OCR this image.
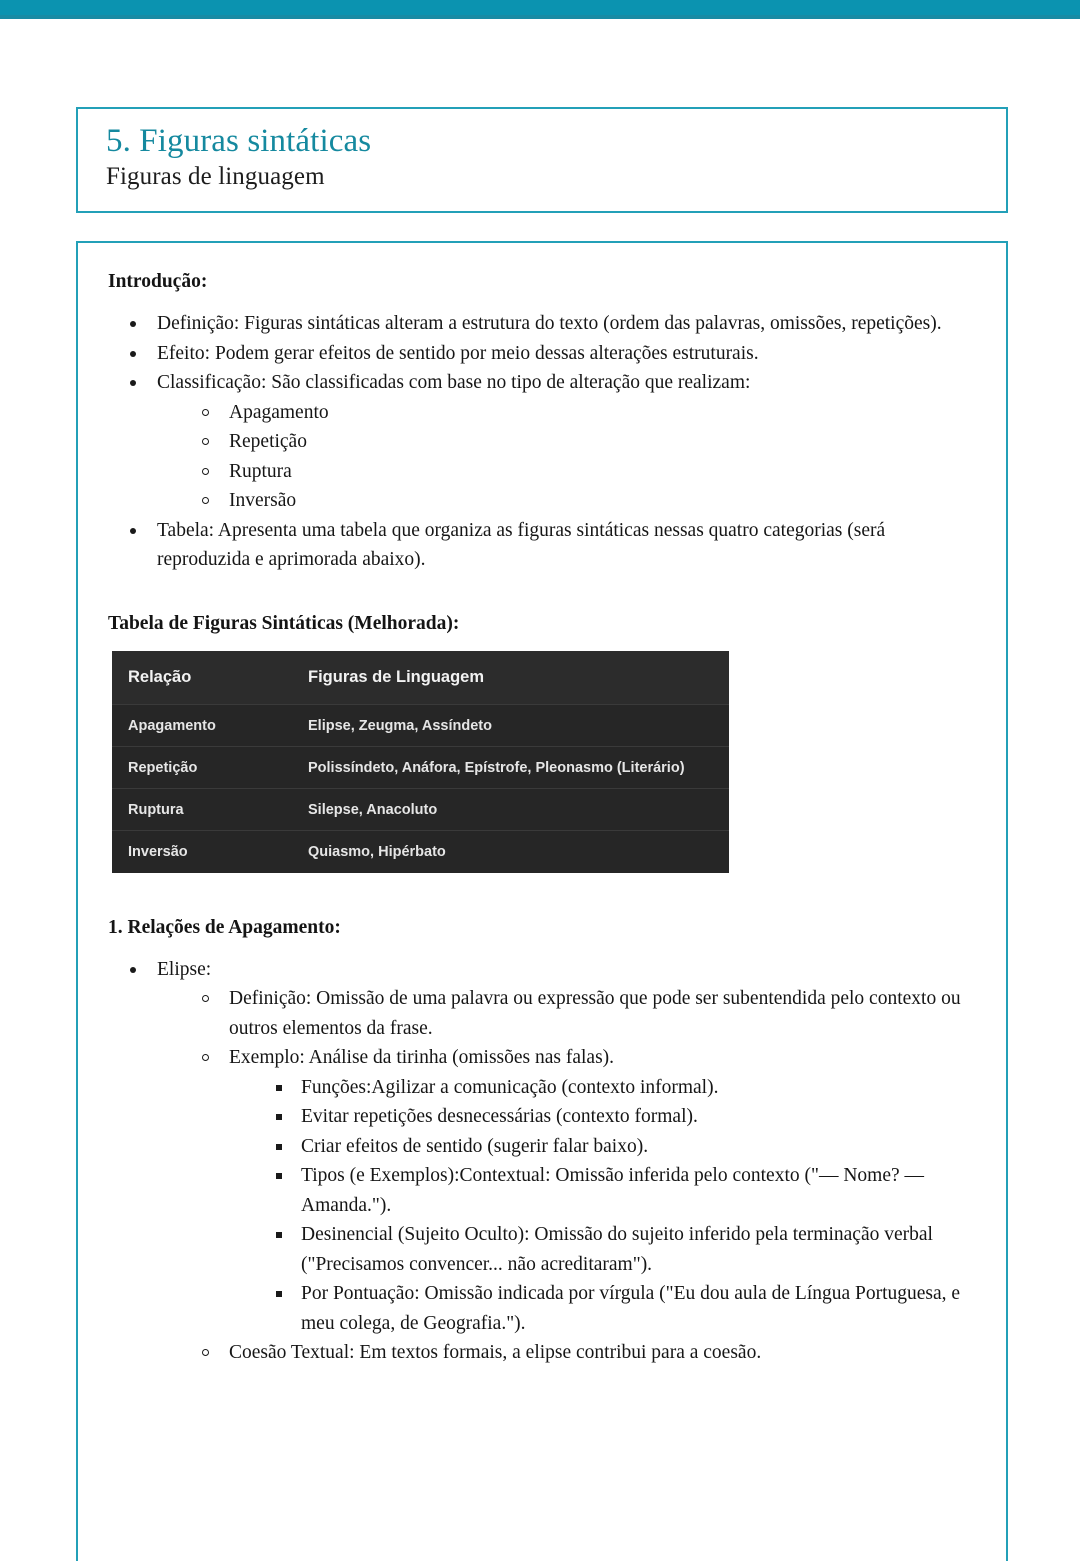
5. Figuras sintáticas
Figuras de linguagem
Introdução:
Definição: Figuras sintáticas alteram a estrutura do texto (ordem das palavras, omissões, repetições).
Efeito: Podem gerar efeitos de sentido por meio dessas alterações estruturais.
Classificação: São classificadas com base no tipo de alteração que realizam:
Apagamento
Repetição
Ruptura
Inversão
Tabela: Apresenta uma tabela que organiza as figuras sintáticas nessas quatro categorias (será reproduzida e aprimorada abaixo).
Tabela de Figuras Sintáticas (Melhorada):
Relação	Figuras de Linguagem
Apagamento	Elipse, Zeugma, Assíndeto
Repetição	Polissíndeto, Anáfora, Epístrofe, Pleonasmo (Literário)
Ruptura	Silepse, Anacoluto
Inversão	Quiasmo, Hipérbato
1. Relações de Apagamento:
Elipse:
Definição: Omissão de uma palavra ou expressão que pode ser subentendida pelo contexto ou outros elementos da frase.
Exemplo: Análise da tirinha (omissões nas falas).
Funções:Agilizar a comunicação (contexto informal).
Evitar repetições desnecessárias (contexto formal).
Criar efeitos de sentido (sugerir falar baixo).
Tipos (e Exemplos):Contextual: Omissão inferida pelo contexto ("— Nome? — Amanda.").
Desinencial (Sujeito Oculto): Omissão do sujeito inferido pela terminação verbal ("Precisamos convencer... não acreditaram").
Por Pontuação: Omissão indicada por vírgula ("Eu dou aula de Língua Portuguesa, e meu colega, de Geografia.").
Coesão Textual: Em textos formais, a elipse contribui para a coesão.
